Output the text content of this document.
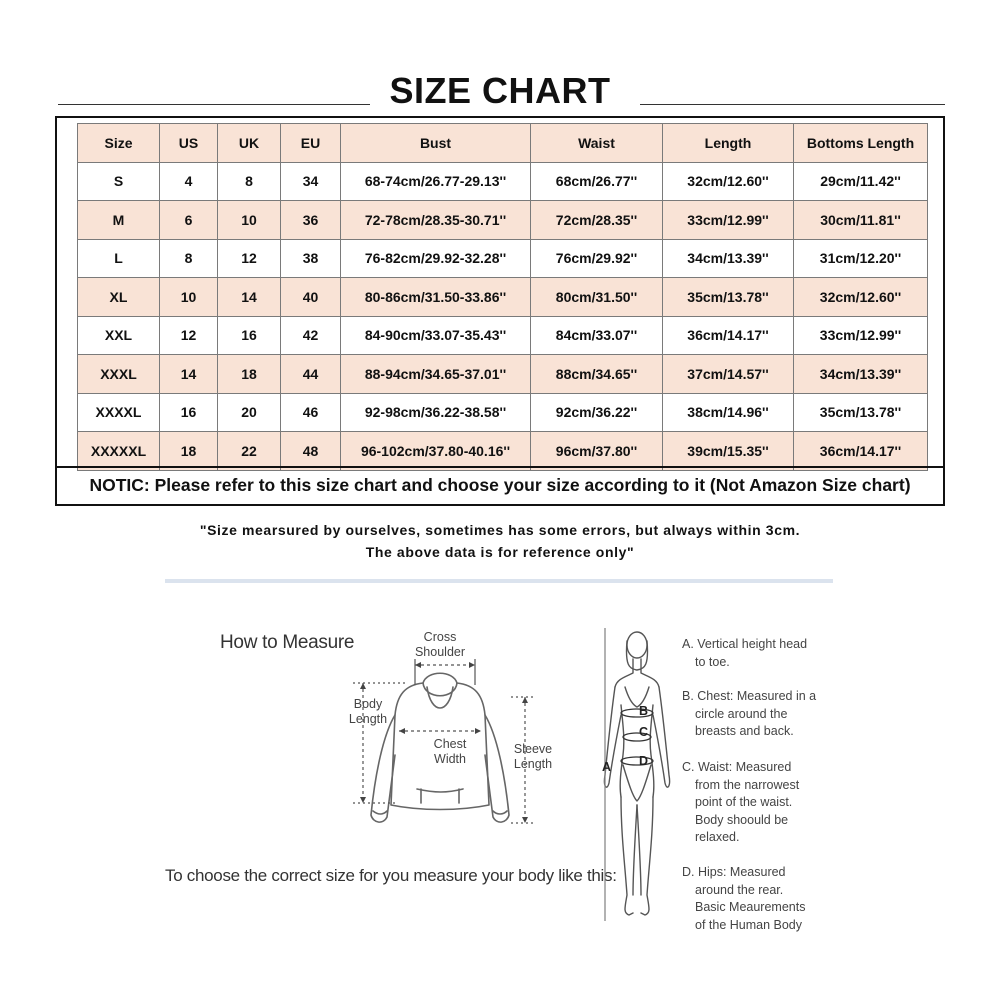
SIZE CHART
Size	US	UK	EU	Bust	Waist	Length	Bottoms Length
S	4	8	34	68-74cm/26.77-29.13''	68cm/26.77''	32cm/12.60''	29cm/11.42''
M	6	10	36	72-78cm/28.35-30.71''	72cm/28.35''	33cm/12.99''	30cm/11.81''
L	8	12	38	76-82cm/29.92-32.28''	76cm/29.92''	34cm/13.39''	31cm/12.20''
XL	10	14	40	80-86cm/31.50-33.86''	80cm/31.50''	35cm/13.78''	32cm/12.60''
XXL	12	16	42	84-90cm/33.07-35.43''	84cm/33.07''	36cm/14.17''	33cm/12.99''
XXXL	14	18	44	88-94cm/34.65-37.01''	88cm/34.65''	37cm/14.57''	34cm/13.39''
XXXXL	16	20	46	92-98cm/36.22-38.58''	92cm/36.22''	38cm/14.96''	35cm/13.78''
XXXXXL	18	22	48	96-102cm/37.80-40.16''	96cm/37.80''	39cm/15.35''	36cm/14.17''
NOTIC: Please refer to this size chart and choose your size according to it (Not Amazon Size chart)
"Size mearsured by ourselves, sometimes has some errors, but always within 3cm.
The above data is for reference only"
How to Measure	Cross
Shoulder
Body
Length
Chest
Width
Sleeve
Length
To choose the correct size for you measure your body like this:
A
B
C
D
A. Vertical height head
to toe.
B. Chest: Measured in a
circle around the
breasts and back.
C. Waist: Measured
from the narrowest
point of the waist.
Body shoould be
relaxed.
D. Hips: Measured
around the rear.
Basic Meaurements
of the Human Body
